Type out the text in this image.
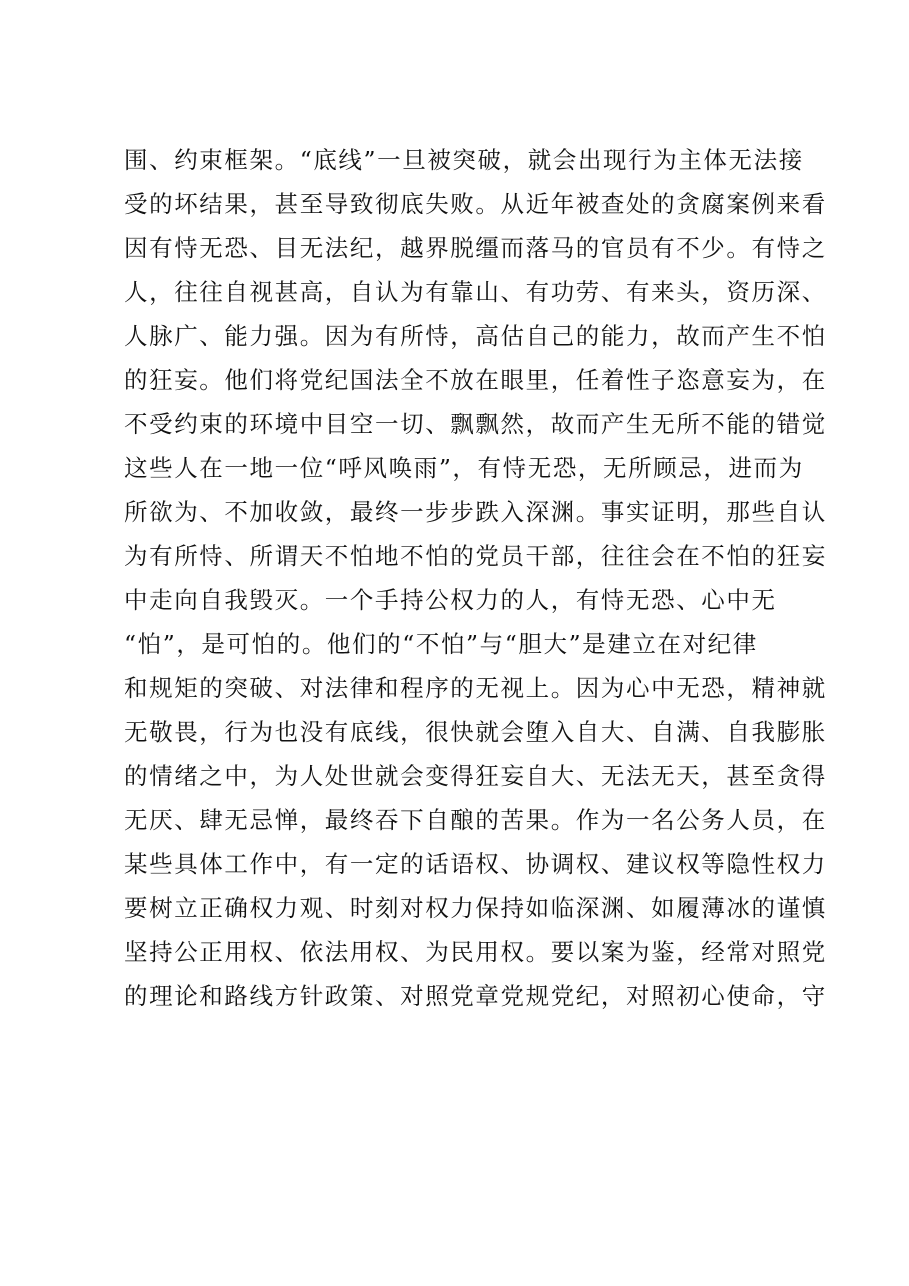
围、约束框架。“底线”一旦被突破，就会出现行为主体无法接
受的坏结果，甚至导致彻底失败。从近年被查处的贪腐案例来看
因有恃无恐、目无法纪，越界脱缰而落马的官员有不少。有恃之
人，往往自视甚高，自认为有靠山、有功劳、有来头，资历深、
人脉广、能力强。因为有所恃，高估自己的能力，故而产生不怕
的狂妄。他们将党纪国法全不放在眼里，任着性子恣意妄为，在
不受约束的环境中目空一切、飘飘然，故而产生无所不能的错觉
这些人在一地一位“呼风唤雨”，有恃无恐，无所顾忌，进而为
所欲为、不加收敛，最终一步步跌入深渊。事实证明，那些自认
为有所恃、所谓天不怕地不怕的党员干部，往往会在不怕的狂妄
中走向自我毁灭。一个手持公权力的人，有恃无恐、心中无
“怕”，是可怕的。他们的“不怕”与“胆大”是建立在对纪律
和规矩的突破、对法律和程序的无视上。因为心中无恐，精神就
无敬畏，行为也没有底线，很快就会堕入自大、自满、自我膨胀
的情绪之中，为人处世就会变得狂妄自大、无法无天，甚至贪得
无厌、肆无忌惮，最终吞下自酿的苦果。作为一名公务人员，在
某些具体工作中，有一定的话语权、协调权、建议权等隐性权力
要树立正确权力观、时刻对权力保持如临深渊、如履薄冰的谨慎
坚持公正用权、依法用权、为民用权。要以案为鉴，经常对照党
的理论和路线方针政策、对照党章党规党纪，对照初心使命，守
